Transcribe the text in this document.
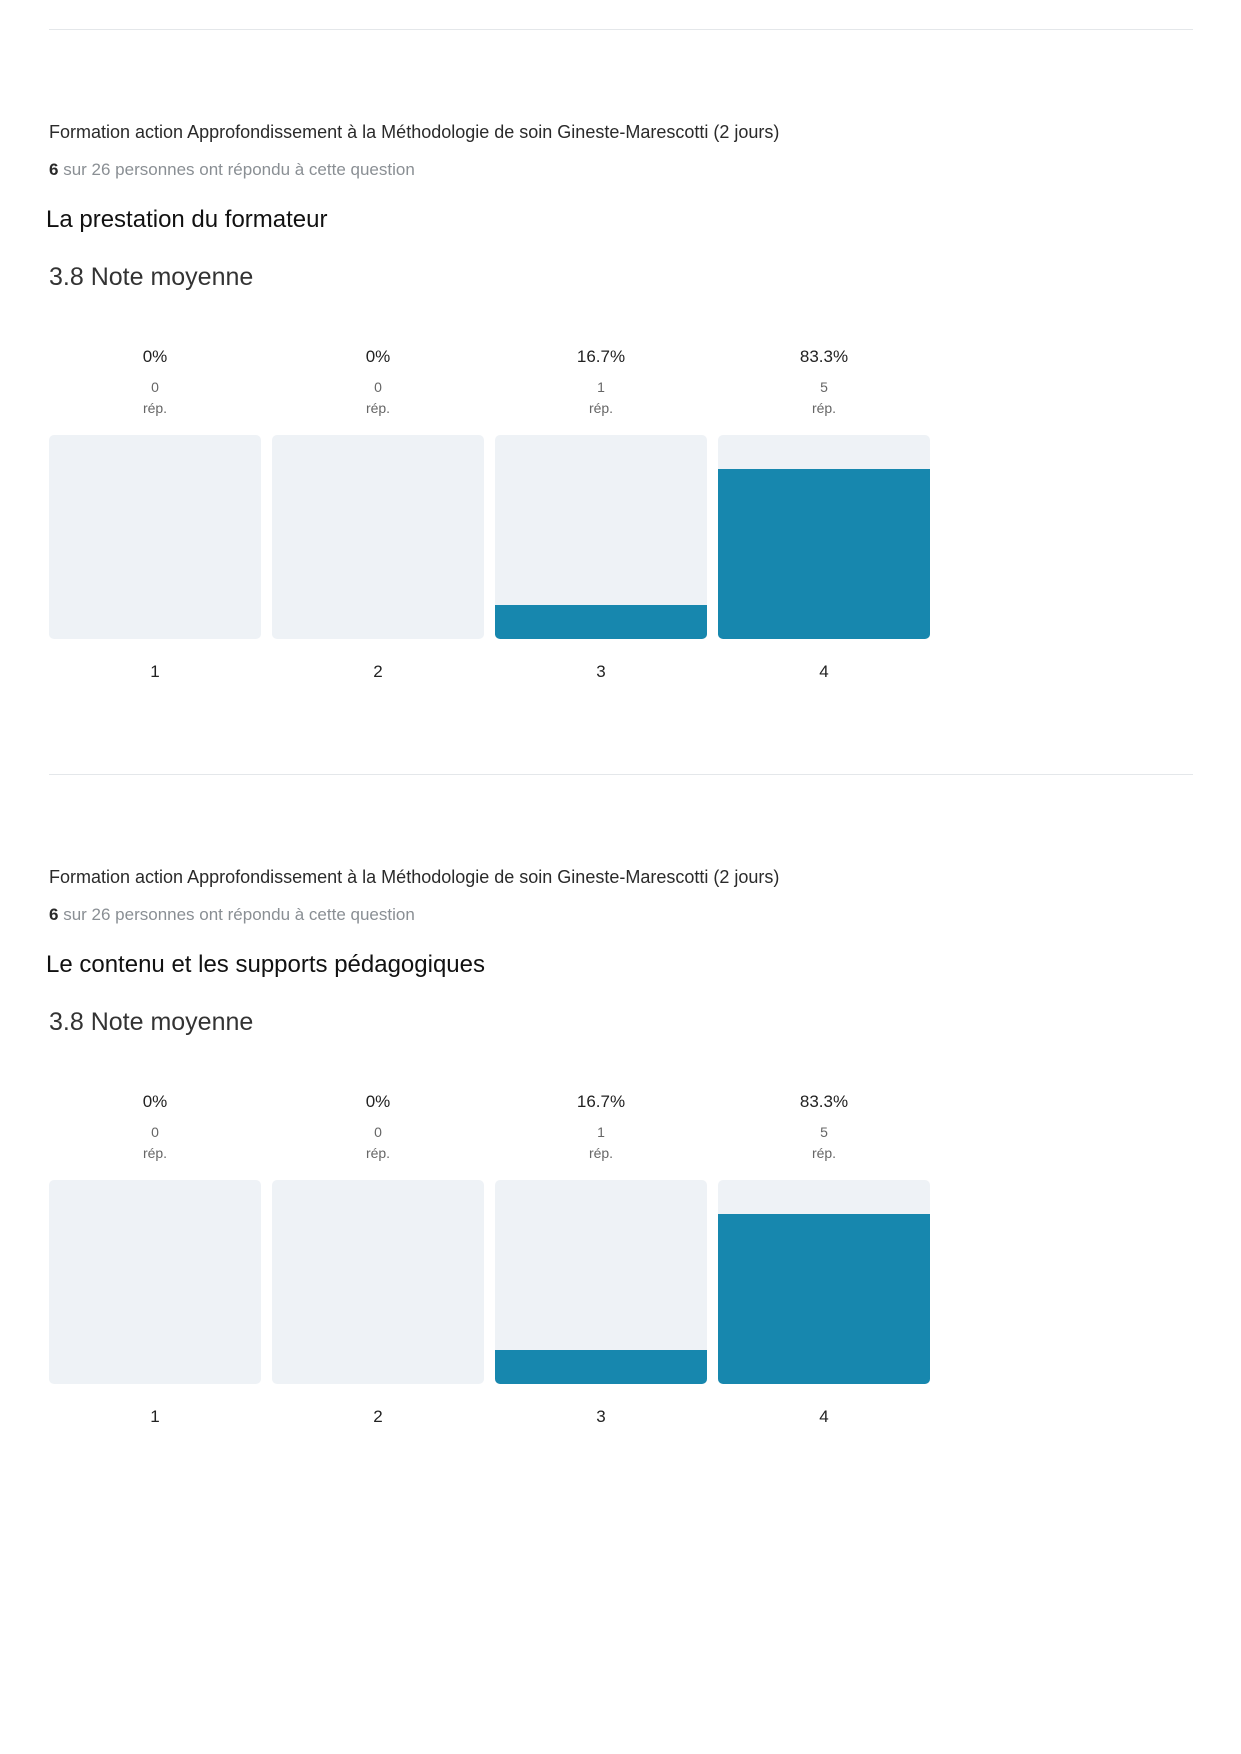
Formation action Approfondissement à la Méthodologie de soin Gineste-Marescotti (2 jours)
6 sur 26 personnes ont répondu à cette question
La prestation du formateur
3.8 Note moyenne
0%
0
rép.
1
0%
0
rép.
2
16.7%
1
rép.
3
83.3%
5
rép.
4
Formation action Approfondissement à la Méthodologie de soin Gineste-Marescotti (2 jours)
6 sur 26 personnes ont répondu à cette question
Le contenu et les supports pédagogiques
3.8 Note moyenne
0%
0
rép.
1
0%
0
rép.
2
16.7%
1
rép.
3
83.3%
5
rép.
4
